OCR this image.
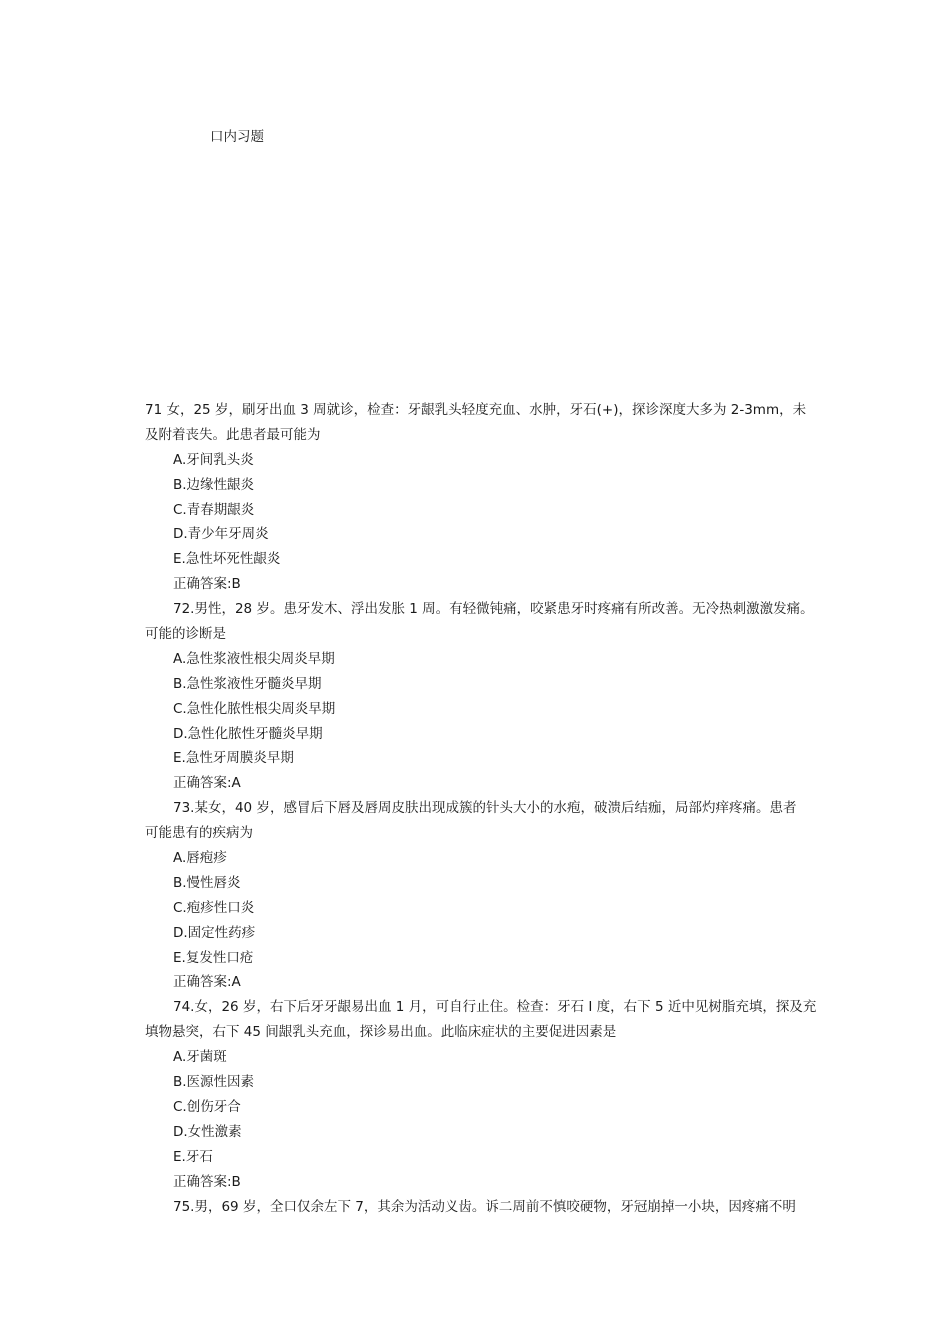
口内习题
71 女，25 岁，刷牙出血 3 周就诊，检查：牙龈乳头轻度充血、水肿，牙石(+)，探诊深度大多为 2-3mm，未
及附着丧失。此患者最可能为
A.牙间乳头炎
B.边缘性龈炎
C.青春期龈炎
D.青少年牙周炎
E.急性坏死性龈炎
正确答案:B
72.男性，28 岁。患牙发木、浮出发胀 1 周。有轻微钝痛，咬紧患牙时疼痛有所改善。无冷热刺激激发痛。
可能的诊断是
A.急性浆液性根尖周炎早期
B.急性浆液性牙髓炎早期
C.急性化脓性根尖周炎早期
D.急性化脓性牙髓炎早期
E.急性牙周膜炎早期
正确答案:A
73.某女，40 岁，感冒后下唇及唇周皮肤出现成簇的针头大小的水疱，破溃后结痂，局部灼痒疼痛。患者
可能患有的疾病为
A.唇疱疹
B.慢性唇炎
C.疱疹性口炎
D.固定性药疹
E.复发性口疮
正确答案:A
74.女，26 岁，右下后牙牙龈易出血 1 月，可自行止住。检查：牙石 I 度，右下 5 近中见树脂充填，探及充
填物悬突，右下 45 间龈乳头充血，探诊易出血。此临床症状的主要促进因素是
A.牙菌斑
B.医源性因素
C.创伤牙合
D.女性激素
E.牙石
正确答案:B
75.男，69 岁，全口仅余左下 7，其余为活动义齿。诉二周前不慎咬硬物，牙冠崩掉一小块，因疼痛不明
